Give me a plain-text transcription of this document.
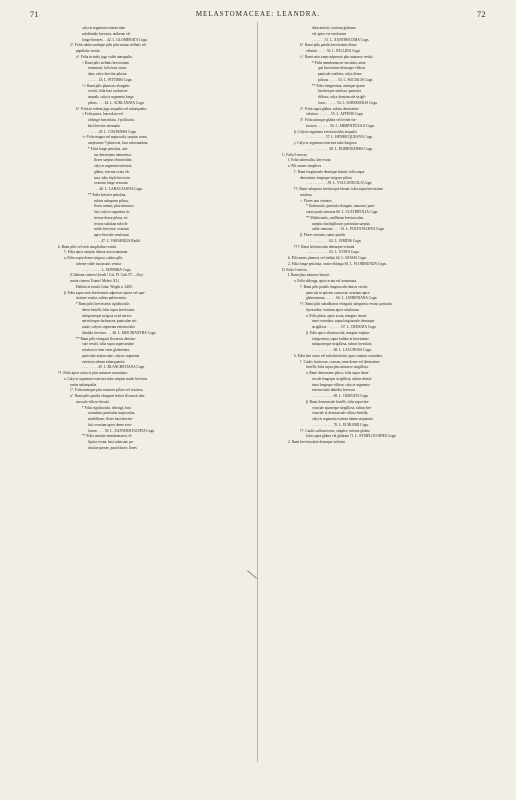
71	MELASTOMACEAE: LEANDRA.	72
calycis segmenta externa tubo
subdimidio breviora, antherae ob-
longo-lineares . . 42. L. GLOMERATA Cogn.
2°. Folia subtus undique pilis plus-minus stellatis vel
papillatis vestita.
a°. Folia in nodo jugo valde inaequalia.
× Rami pilis stellatis brevissimis
tomentosi; folia basi rotun-
data; calyx breviter pilosus
. . . . . . 43. L. PITTIERI Cogn.
×× Rami pilis plumosis elongatis
vestiti; folia basi cordata in-
aequali; calycis segmenta longe
pilosa . . . . 44. L. SUBLANATA Cogn.
b°. Folia in eodem jugo aequalia vel subaequalia.
× Folia parva, lanceolata vel
oblongo-lanceolata, 1-pollicaria,
basi breviter attenuata
. . . . . . 45. L. COSTENSIS Cogn.
×× Folia magna vel majuscula, saepius ovata,
saepissime 7-plinervia, basi subrotundata.
* Folia longe petiolata, sub-
tus densissime tomentosa;
flores saepius ebracteolati;
calycis segmenta interiora
glabra, externa ovata ob-
tusa, tubo triplo breviora;
ovarium longe setosum
. . . 46. L. CARACASANA Cogn.
** Folia breviter petiolata,
subtus subsparse pilosa;
flores minuti, plus-minusve
lati; calycis segmenta in-
teriora dense pilosa, ex-
teriora subulata tubo di-
midio breviora; ovarium
apice breviter setulosum
. . . . 47. L. VARIABILIS Raddi.
b. Rami pilis vel setis simplicibus vestiti.
†. Folia apice saepius obtusa non acuminata.
a. Folia supra dense strigosa, subtus pilis
inferne valde incrassatis vestita
. . . . . . . . . . . L. SUPERBA Cogn.
(Clidemia cinerea Griseb.! Cat. Pl. Cub. 97.—Oxy-
moria cinerea Triana! Melast. 83.)
Habitat in insula Cuba: Wright n. 2483.
β. Folia supra setis brevissimis adpressis sparse vel spar-
sissime vestita, subtus pubescentia.
* Rami pilis brevissimis rigidiusculis
dense hirtelli; folia supra brevissime
subsparseque strigosa et ad nervos
nervulosque furfuracea; paniculae mi-
nutae; calycis segmenta externa tubo
dimidio breviora . . . 48. L. MISCHIANTHA Cogn.
** Rami pilis elongatis flexuosis densius-
cule vestiti; folia supra aspersissime
setulosa et inter setas glaberrima;
paniculae majusculae; calycis segmenta
exteriora tubum subaequantia
. . . . . . . . . 49. L. BLANCHETIANA Cogn.
††. Folia apice acuta et plus minusve acuminata.
a. Calycis segmenta exteriora tubo saepius multo breviora
rarius subaequalia.
1°. Folia utrinque plus minusve pilosa vel setulosa.
a°. Rami pilis patulis elongatis leviter flexuosis den-
siuscule villoso-hirsuti.
* Folia rigidiuscula, oblonga, basi
rotundata; paniculae majusculae,
multiflorae; flores basi bracteo-
lati; ovarium apice dense seto-
losum . . . . 50. L. XANTHOSTACHYA Cogn.
** Folia tenuiter membranacea, el-
liptico-ovata, basi subacuta; pa-
niculae parvae, pauciflorae; flores
ebracteolati; ovarium glabrum
vel apice vix setulosum
. . . . . . . 51. L. XANTHOCOMA Cogn.
b°. Rami pilis patulis brevissimis dense
velutini . . . . . 52. L. PALLIDA Cogn.
c°. Rami setis saepe adpressis plus minusve vestiti.
* Folia membranaceo-serrulata, utrin-
que brevissime densaque villosa;
panicula conferta; calyx dense
pilosus . . . . . 53. L. SOCIALIS Cogn.
** Folia integerrima, utrinque sparse
breviterque setulosa; panicula
diffusa; calyx densiuscule strigil-
losus . . . . . . 54. L. SUBSESSILIS Cogn.
2°. Folia supra glabra, subtus densissime
velutina . . . . . . . 55. L. AFFINIS Cogn.
3°. Folia utrinque glabra vel leviter fur-
furacea . . . . . . . 56. L. ARMENTICOLA Cogn.
β. Calycis segmenta exteriora tubo aequalia
. . . . . . . . . . . 57. L. HENRICQUEANA Cogn.
γ. Calycis segmenta exteriora tubo longiora
. . . . . . . . . . . . . 58. L. DOMINGENSIS Cogn.
C. Folia 5-nervia.
I. Folia subsessilia, late ovata.
a. Pili omnes simplices.
†. Rami longiuscule denseque hirsuti; folia supra
densissime longeque strigoso-pilosa
. . . . . . . . . . . . 59. L. VULCANICOLA Cogn.
††. Rami subsparse breviterque hirsuti; folia supra brevissime
setulosa.
×. Flores non virentes.
* Umbraculo, panicula elongata, ramosae; pani-
culae paulo ramosae 60. L. CULTRIFOLIA Cogn.
** Multirruulis, cmillimae breviusculae,
saepius rhachipllosae; paniculae saepius
valde ramosae . . . . 61. L. POLYSTACHYA Cogn.
β. Flores virentes, ramis patulis
. . . . . . . . . . . . . 62. L. VIRIDIS Cogn.
†††. Rami breviusculae densuque velutini
. . . . . . . . . . . . . 63. L. OVATA Cogn.
b. Pili omnes plumosi vel stellati 64. L. SESSIA Cogn.
2. Folia longe petiolata, ovato-oblonga 65. L. FLORIBUNDA Cogn.
D. Folia 3-nervia.
I. Rami plus minusve hirsuti.
a. Folia oblonga, apice acuta vel acuminata.
†. Rami pilis patulis longiusculis densis vestiti;
panicula in apicem contracta; ovarium apice
glaberrimum . . . . . . 66. L. LINDENIANA Cogn.
††. Rami pilis subadhaesis elongatis subsparsis vestiti; panicula
thyrsoidea; ovarium apice setulosum.
a. Folia plana, apice acuta, margine tenuis-
sime crenulata, supra longiuscule densaque
strigillosa . . . . . . . . 67. L. CRENATA Cogn.
β. Folia apice obtusiuscula, margine saepius
integerrima, supra bullata et brevissime
subsparseque strigillosa, subtus foveolata
. . . . . . . . . . . . 68. L. LACUNOSA Cogn.
b. Folia late ovata vel suborbicularia, apice saepius rotundata.
†. Caulis fruticosus, crassus; rami dense vel densissime
hirtelli; folia supra plus minusve strigillosa.
a. Rami densissime pilosi; folia supra densi-
uscule longeque strigillosa, subtus densis-
sime longeque villosa; calycis segmenta
externa tubo dimidio breviora
. . . . . . . . . . . . 69. L. CRISTATA Cogn.
β. Rami densiuscule hirtelli; folia supra bre-
viuscule sparseque strigillosa, subtus bre-
viuscule et densiuscule villoso-hirtella;
calycis segmenta externa tubum aequantia
. . . . . . . . . . . . 70. L. ECHLERII Cogn.
††. Caulis suffrutescens, simplex, inferne glaber;
folia supra glabra vel glabrata 71. L. SYMPLOCOIDES Cogn.
2. Rami breviusculae denseque velutini.
